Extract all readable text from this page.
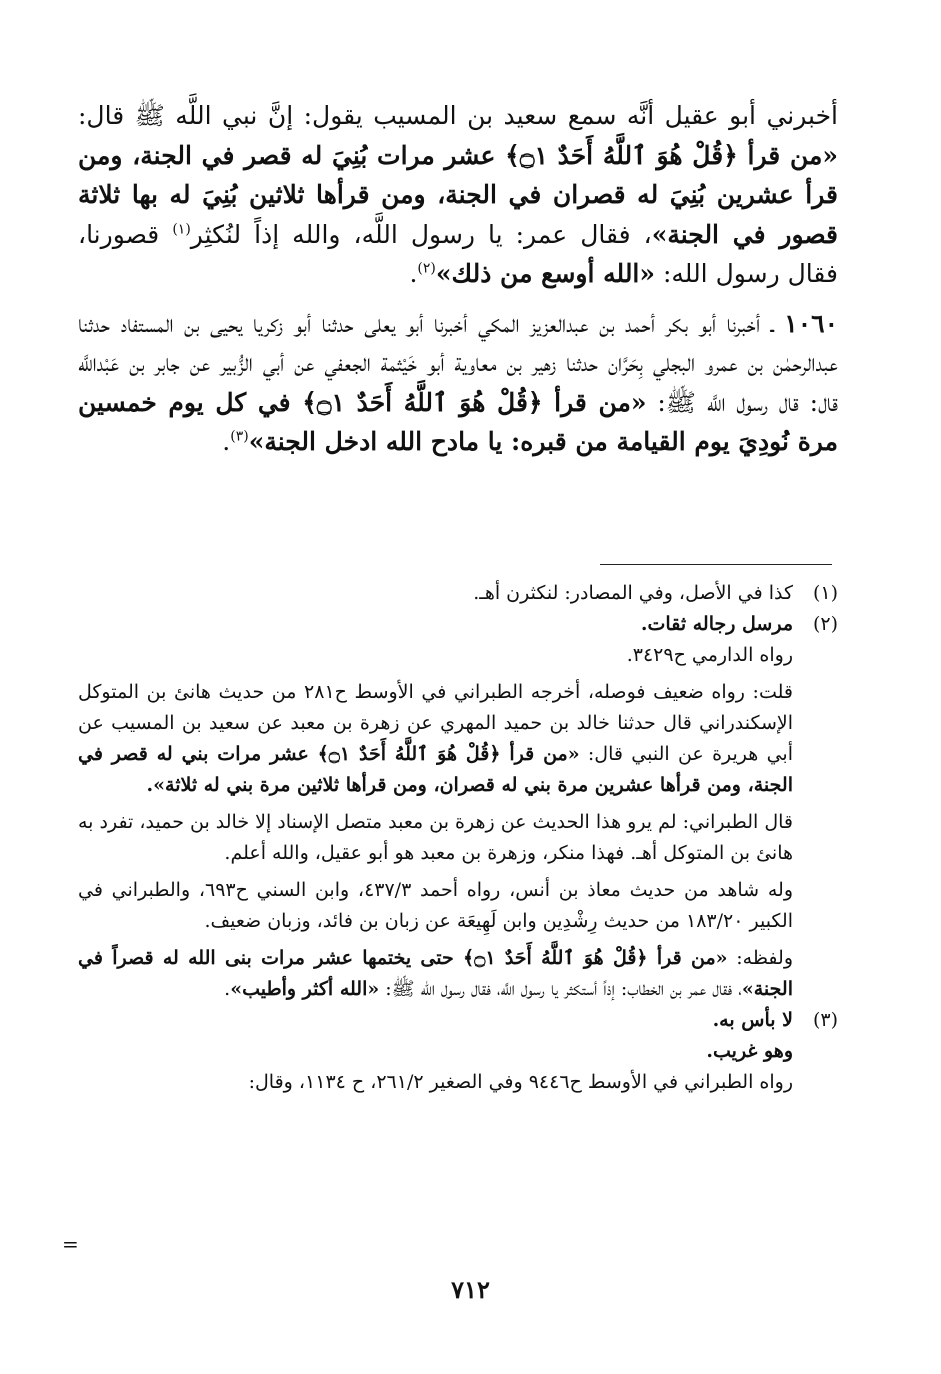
أخبرني أبو عقيل أنَّه سمع سعيد بن المسيب يقول: إنَّ نبي اللَّه ﷺ قال: «من قرأ ﴿قُلْ هُوَ ٱللَّهُ أَحَدٌ ۝١﴾ عشر مرات بُنِيَ له قصر في الجنة، ومن قرأ عشرين بُنِيَ له قصران في الجنة، ومن قرأها ثلاثين بُنِيَ له بها ثلاثة قصور في الجنة»، فقال عمر: يا رسول اللَّه، والله إذاً لنُكثِر$^{(١)}$ قصورنا، فقال رسول الله: «الله أوسع من ذلك»$^{(٢)}$.

١٠٦٠ ـ أخبرنا أبو بكر أحمد بن عبدالعزيز المكي أخبرنا أبو يعلى حدثنا أبو زكريا يحيى بن المستفاد حدثنا عبدالرحمٰن بن عمرو البجلي بِحَرَّان حدثنا زهير بن معاوية أبو خَيْثمة الجعفي عن أبي الزُّبير عن جابر بن عَبْداللَّه قال: قال رسول اللَّه ﷺ: «من قرأ ﴿قُلْ هُوَ ٱللَّهُ أَحَدٌ ۝١﴾ في كل يوم خمسين مرة نُودِيَ يوم القيامة من قبره: يا مادح الله ادخل الجنة»$^{(٣)}$.

(١)

كذا في الأصل، وفي المصادر: لنكثرن أهـ.

(٢)

مرسل رجاله ثقات.

رواه الدارمي ح٣٤٢٩.

قلت: رواه ضعيف فوصله، أخرجه الطبراني في الأوسط ح٢٨١ من حديث هانئ بن المتوكل الإسكندراني قال حدثنا خالد بن حميد المهري عن زهرة بن معبد عن سعيد بن المسيب عن أبي هريرة عن النبي قال: «من قرأ ﴿قُلْ هُوَ ٱللَّهُ أَحَدٌ ۝١﴾ عشر مرات بني له قصر في الجنة، ومن قرأها عشرين مرة بني له قصران، ومن قرأها ثلاثين مرة بني له ثلاثة».

قال الطبراني: لم يرو هذا الحديث عن زهرة بن معبد متصل الإسناد إلا خالد بن حميد، تفرد به هانئ بن المتوكل أهـ. فهذا منكر، وزهرة بن معبد هو أبو عقيل، والله أعلم.

وله شاهد من حديث معاذ بن أنس، رواه أحمد ٤٣٧/٣، وابن السني ح٦٩٣، والطبراني في الكبير ١٨٣/٢٠ من حديث رِشْدِين وابن لَهِيعَة عن زبان بن فائد، وزبان ضعيف.

ولفظه: «من قرأ ﴿قُلْ هُوَ ٱللَّهُ أَحَدٌ ۝١﴾ حتى يختمها عشر مرات بنى الله له قصراً في الجنة»، فقال عمر بن الخطاب: إذاً أستكثر يا رسول اللَّه، فقال رسول الله ﷺ: «الله أكثر وأطيب».

(٣)

لا بأس به.

وهو غريب.

رواه الطبراني في الأوسط ح٩٤٤٦ وفي الصغير ٢٦١/٢، ح ١١٣٤، وقال:

=
٧١٢
